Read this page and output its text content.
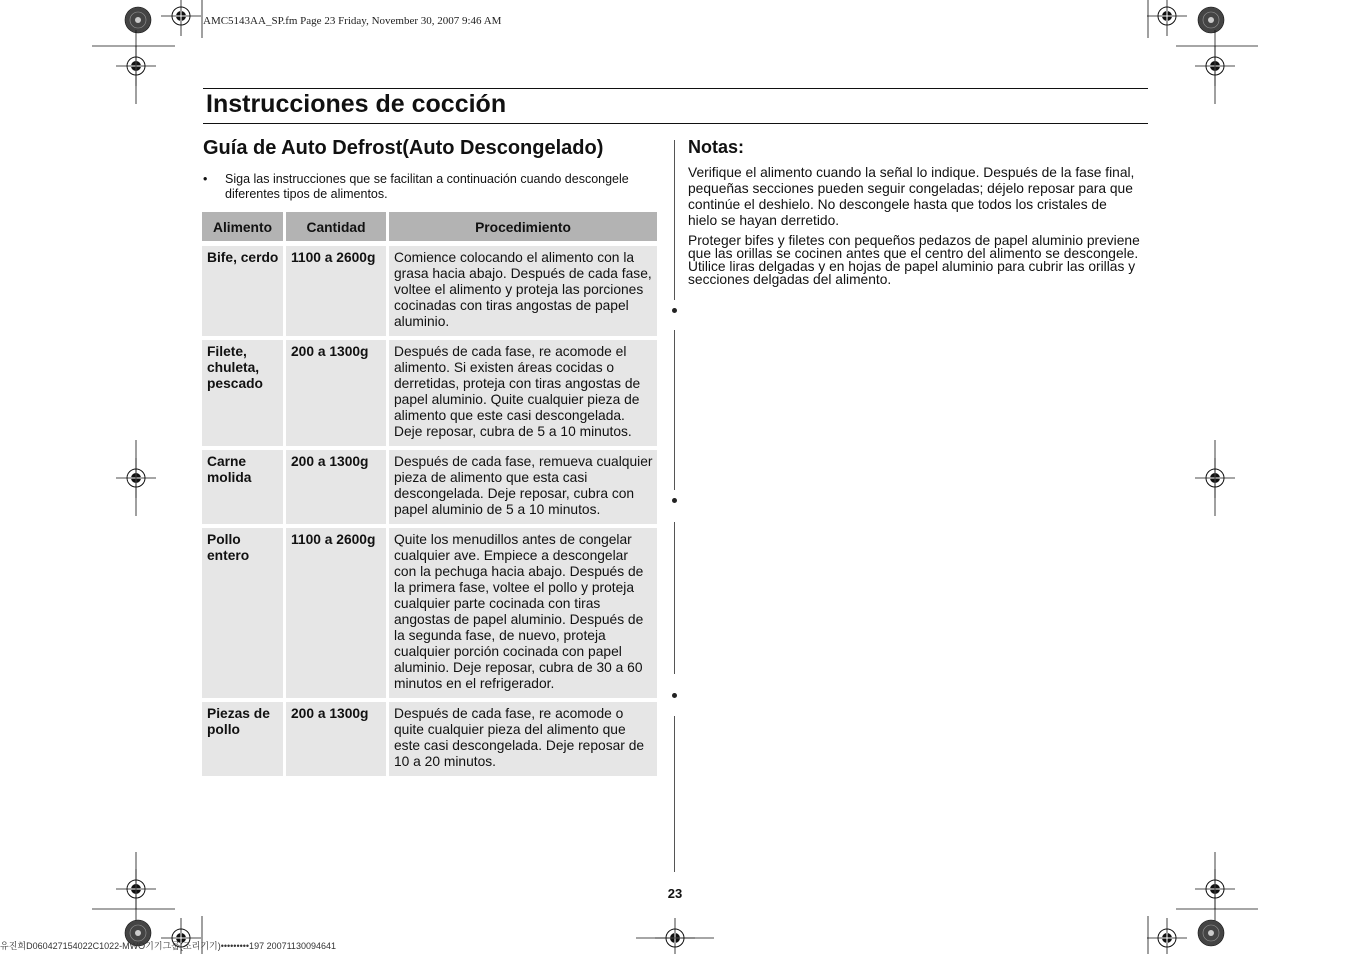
AMC5143AA_SP.fm Page 23 Friday, November 30, 2007 9:46 AM
Instrucciones de cocción
Guía de Auto Defrost(Auto Descongelado)
• Siga las instrucciones que se facilitan a continuación cuando descongele diferentes tipos de alimentos.
Alimento	Cantidad	Procedimiento
Bife, cerdo	1100 a 2600g	Comience colocando el alimento con la grasa hacia abajo. Después de cada fase, voltee el alimento y proteja las porciones cocinadas con tiras angostas de papel aluminio.
Filete, chuleta, pescado	200 a 1300g	Después de cada fase, re acomode el alimento. Si existen áreas cocidas o derretidas, proteja con tiras angostas de papel aluminio. Quite cualquier pieza de alimento que este casi descongelada. Deje reposar, cubra de 5 a 10 minutos.
Carne molida	200 a 1300g	Después de cada fase, remueva cualquier pieza de alimento que esta casi descongelada. Deje reposar, cubra con papel aluminio de 5 a 10 minutos.
Pollo entero	1100 a 2600g	Quite los menudillos antes de congelar cualquier ave. Empiece a descongelar con la pechuga hacia abajo. Después de la primera fase, voltee el pollo y proteja cualquier parte cocinada con tiras angostas de papel aluminio. Después de la segunda fase, de nuevo, proteja cualquier porción cocinada con papel aluminio. Deje reposar, cubra de 30 a 60 minutos en el refrigerador.
Piezas de pollo	200 a 1300g	Después de cada fase, re acomode o quite cualquier pieza del alimento que este casi descongelada. Deje reposar de 10 a 20 minutos.
Notas:
Verifique el alimento cuando la señal lo indique. Después de la fase final, pequeñas secciones pueden seguir congeladas; déjelo reposar para que continúe el deshielo. No descongele hasta que todos los cristales de hielo se hayan derretido.
Proteger bifes y filetes con pequeños pedazos de papel aluminio previene que las orillas se cocinen antes que el centro del alimento se descongele. Utilice liras delgadas y en hojas de papel aluminio para cubrir las orillas y secciones delgadas del alimento.
23
유진희D060427154022C1022-MWO기기그룹(조리기기)•••••••••197 20071130094641
